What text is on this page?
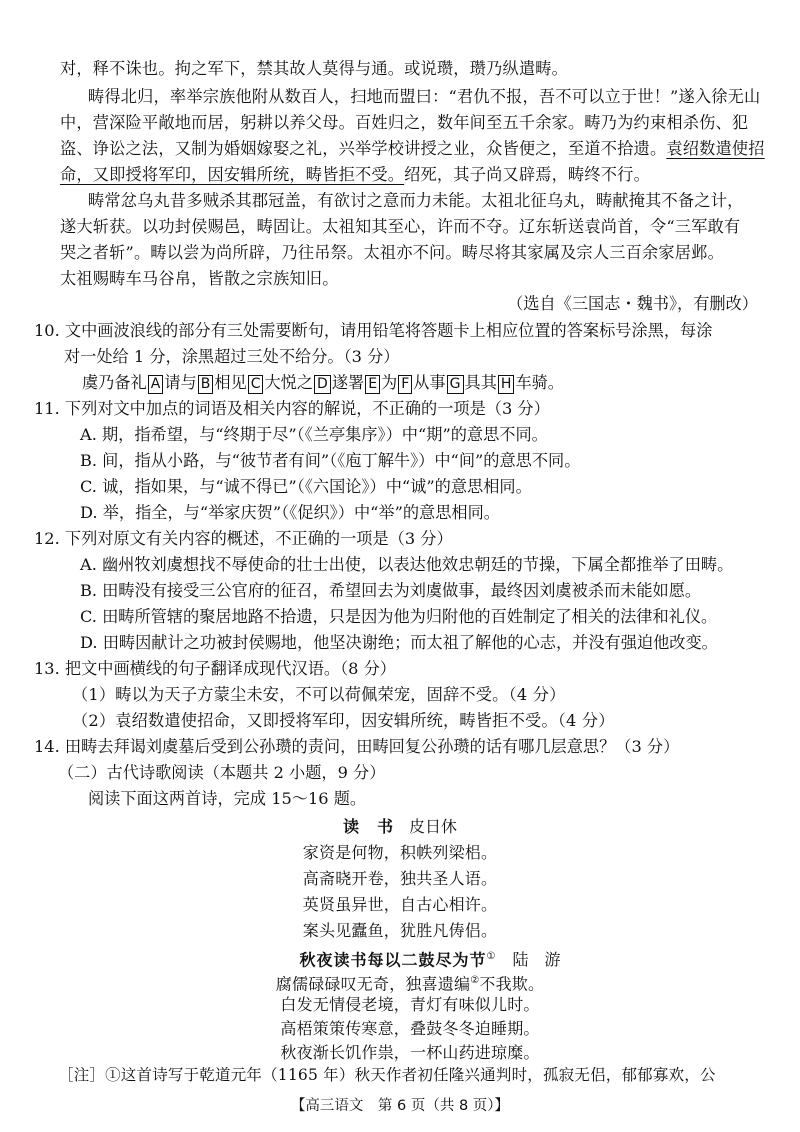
对，释不诛也。拘之军下，禁其故人莫得与通。或说瓒，瓒乃纵遣畴。
畴得北归，率举宗族他附从数百人，扫地而盟曰：“君仇不报，吾不可以立于世！”遂入徐无山
中，营深险平敞地而居，躬耕以养父母。百姓归之，数年间至五千余家。畴乃为约束相杀伤、犯
盗、诤讼之法，又制为婚姻嫁娶之礼，兴举学校讲授之业，众皆便之，至道不拾遗。袁绍数遣使招
命，又即授将军印，因安辑所统，畴皆拒不受。绍死，其子尚又辟焉，畴终不行。
畴常忿乌丸昔多贼杀其郡冠盖，有欲讨之意而力未能。太祖北征乌丸，畴献掩其不备之计，
遂大斩获。以功封侯赐邑，畴固让。太祖知其至心，许而不夺。辽东斩送袁尚首，令“三军敢有
哭之者斩”。畴以尝为尚所辟，乃往吊祭。太祖亦不问。畴尽将其家属及宗人三百余家居邺。
太祖赐畴车马谷帛，皆散之宗族知旧。
（选自《三国志・魏书》，有删改）
10. 文中画波浪线的部分有三处需要断句，请用铅笔将答题卡上相应位置的答案标号涂黑，每涂
对一处给 1 分，涂黑超过三处不给分。（3 分）
虞乃备礼 A 请与 B 相见 C 大悦之 D 遂署 E 为 F 从事 G 具其 H 车骑。
11. 下列对文中加点的词语及相关内容的解说，不正确的一项是（3 分）
A. 期，指希望，与“终期于尽”（《兰亭集序》）中“期”的意思不同。
B. 间，指从小路，与“彼节者有间”（《庖丁解牛》）中“间”的意思不同。
C. 诚，指如果，与“诚不得已”（《六国论》）中“诚”的意思相同。
D. 举，指全，与“举家庆贺”（《促织》）中“举”的意思相同。
12. 下列对原文有关内容的概述，不正确的一项是（3 分）
A. 幽州牧刘虞想找不辱使命的壮士出使，以表达他效忠朝廷的节操，下属全都推举了田畴。
B. 田畴没有接受三公官府的征召，希望回去为刘虞做事，最终因刘虞被杀而未能如愿。
C. 田畴所管辖的聚居地路不拾遗，只是因为他为归附他的百姓制定了相关的法律和礼仪。
D. 田畴因献计之功被封侯赐地，他坚决谢绝；而太祖了解他的心志，并没有强迫他改变。
13. 把文中画横线的句子翻译成现代汉语。（8 分）
（1）畴以为天子方蒙尘未安，不可以荷佩荣宠，固辞不受。（4 分）
（2）袁绍数遣使招命，又即授将军印，因安辑所统，畴皆拒不受。（4 分）
14. 田畴去拜谒刘虞墓后受到公孙瓒的责问，田畴回复公孙瓒的话有哪几层意思？（3 分）
（二）古代诗歌阅读（本题共 2 小题，9 分）
阅读下面这两首诗，完成 15～16 题。
读　书 皮日休
家资是何物，积帙列梁梠。
高斋晓开卷，独共圣人语。
英贤虽异世，自古心相许。
案头见蠹鱼，犹胜凡俦侣。
秋夜读书每以二鼓尽为节① 陆　游
腐儒碌碌叹无奇，独喜遗编②不我欺。
白发无情侵老境，青灯有味似儿时。
高梧策策传寒意，叠鼓冬冬迫睡期。
秋夜渐长饥作祟，一杯山药进琼糜。
【高三语文　第 6 页（共 8 页）】
［注］①这首诗写于乾道元年（1165 年）秋天作者初任隆兴通判时，孤寂无侣，郁郁寡欢，公
